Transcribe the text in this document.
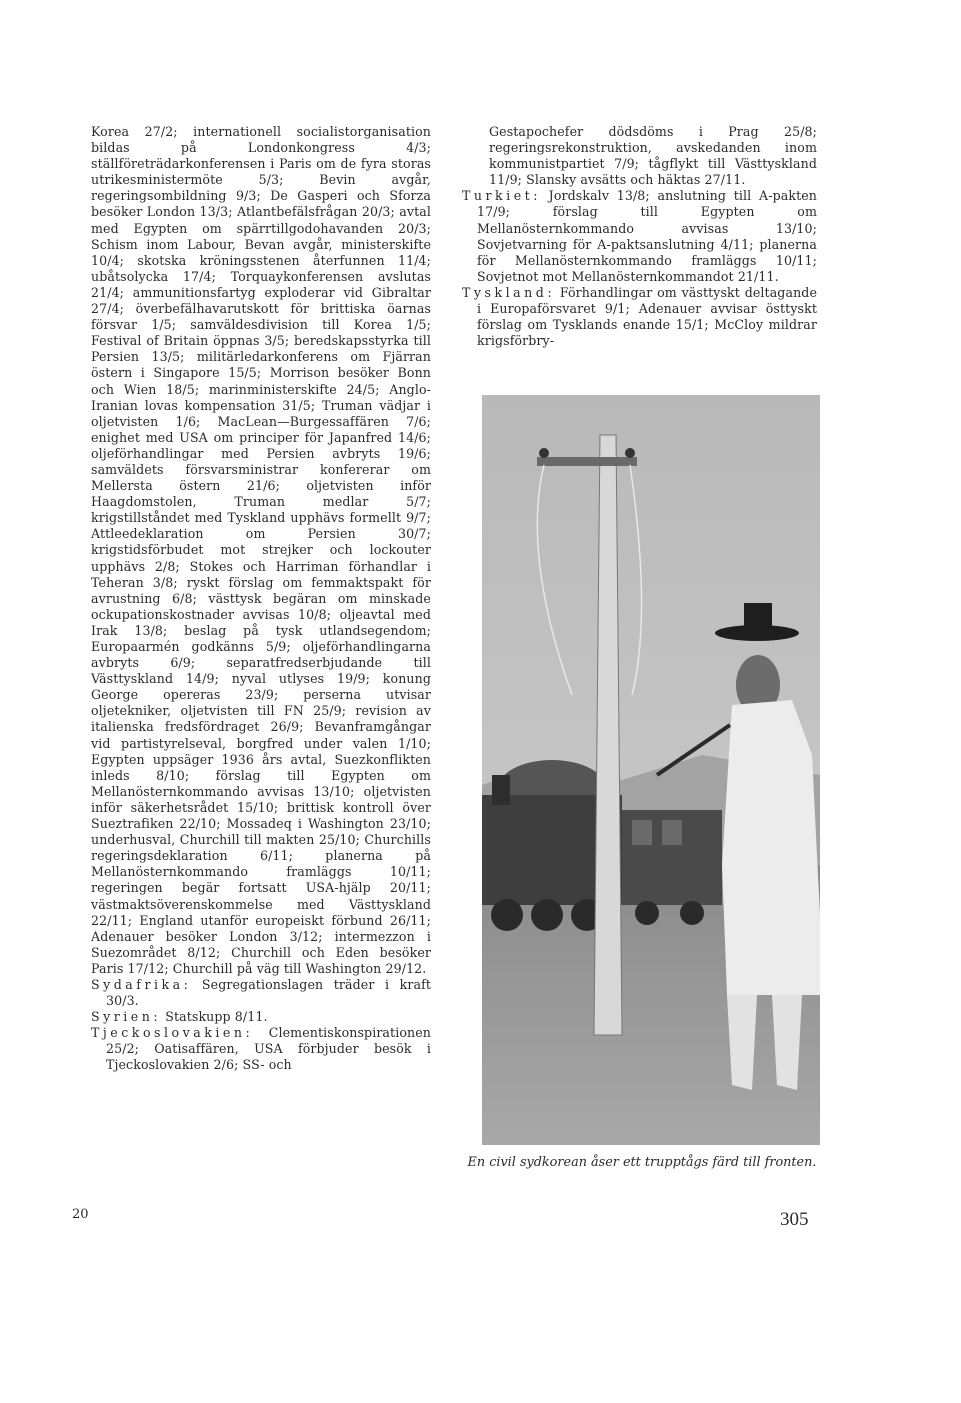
Korea 27/2; internationell socialistorganisation bildas på Londonkongress 4/3; ställföreträdarkonferensen i Paris om de fyra storas utrikesministermöte 5/3; Bevin avgår, regeringsombildning 9/3; De Gasperi och Sforza besöker London 13/3; Atlantbefälsfrågan 20/3; avtal med Egypten om spärrtillgodohavanden 20/3; Schism inom Labour, Bevan avgår, ministerskifte 10/4; skotska kröningsstenen återfunnen 11/4; ubåtsolycka 17/4; Torquaykonferensen avslutas 21/4; ammunitionsfartyg exploderar vid Gibraltar 27/4; överbefälhavarutskott för brittiska öarnas försvar 1/5; samväldesdivision till Korea 1/5; Festival of Britain öppnas 3/5; beredskapsstyrka till Persien 13/5; militärledarkonferens om Fjärran östern i Singapore 15/5; Morrison besöker Bonn och Wien 18/5; marinministerskifte 24/5; Anglo-Iranian lovas kompensation 31/5; Truman vädjar i oljetvisten 1/6; MacLean—Burgessaffären 7/6; enighet med USA om principer för Japanfred 14/6; oljeförhandlingar med Persien avbryts 19/6; samväldets försvarsministrar konfererar om Mellersta östern 21/6; oljetvisten inför Haagdomstolen, Truman medlar 5/7; krigstillståndet med Tyskland upphävs formellt 9/7; Attleedeklaration om Persien 30/7; krigstidsförbudet mot strejker och lockouter upphävs 2/8; Stokes och Harriman förhandlar i Teheran 3/8; ryskt förslag om femmaktspakt för avrustning 6/8; västtysk begäran om minskade ockupationskostnader avvisas 10/8; oljeavtal med Irak 13/8; beslag på tysk utlandsegendom; Europaarmén godkänns 5/9; oljeförhandlingarna avbryts 6/9; separatfredserbjudande till Västtyskland 14/9; nyval utlyses 19/9; konung George opereras 23/9; perserna utvisar oljetekniker, oljetvisten till FN 25/9; revision av italienska fredsfördraget 26/9; Bevanframgångar vid partistyrelseval, borgfred under valen 1/10; Egypten uppsäger 1936 års avtal, Suezkonflikten inleds 8/10; förslag till Egypten om Mellanösternkommando avvisas 13/10; oljetvisten inför säkerhetsrådet 15/10; brittisk kontroll över Sueztrafiken 22/10; Mossadeq i Washington 23/10; underhusval, Churchill till makten 25/10; Churchills regeringsdeklaration 6/11; planerna på Mellanösternkommando framläggs 10/11; regeringen begär fortsatt USA-hjälp 20/11; västmaktsöverenskommelse med Västtyskland 22/11; England utanför europeiskt förbund 26/11; Adenauer besöker London 3/12; intermezzon i Suezområdet 8/12; Churchill och Eden besöker Paris 17/12; Churchill på väg till Washington 29/12.

Sydafrika: Segregationslagen träder i kraft 30/3.

Syrien: Statskupp 8/11.

Tjeckoslovakien: Clementiskonspirationen 25/2; Oatisaffären, USA förbjuder besök i Tjeckoslovakien 2/6; SS- och

Gestapochefer dödsdöms i Prag 25/8; regeringsrekonstruktion, avskedanden inom kommunistpartiet 7/9; tågflykt till Västtyskland 11/9; Slansky avsätts och häktas 27/11.

Turkiet: Jordskalv 13/8; anslutning till A-pakten 17/9; förslag till Egypten om Mellanösternkommando avvisas 13/10; Sovjetvarning för A-paktsanslutning 4/11; planerna för Mellanösternkommando framläggs 10/11; Sovjetnot mot Mellanösternkommandot 21/11.

Tyskland: Förhandlingar om västtyskt deltagande i Europaförsvaret 9/1; Adenauer avvisar östtyskt förslag om Tysklands enande 15/1; McCloy mildrar krigsförbry-

En civil sydkorean åser ett trupptågs färd till fronten.
20	305
